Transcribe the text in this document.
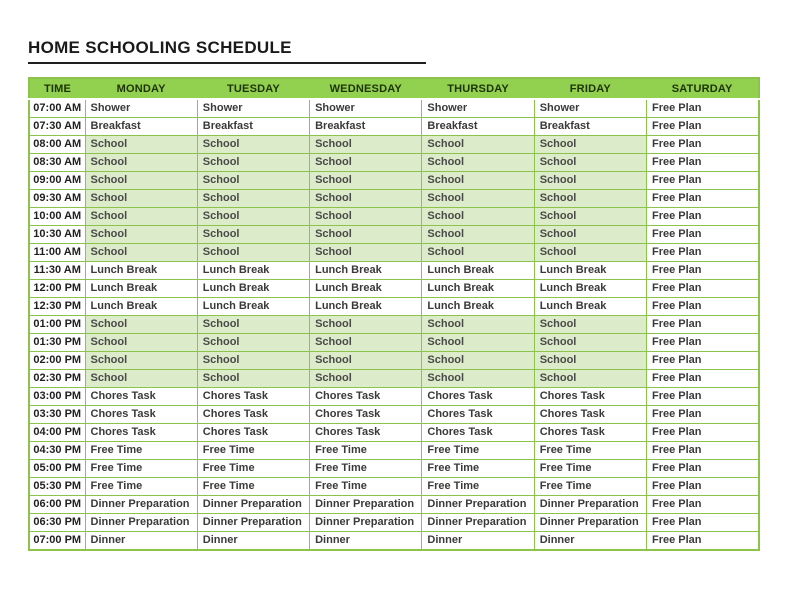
HOME SCHOOLING SCHEDULE
TIME	MONDAY	TUESDAY	WEDNESDAY	THURSDAY	FRIDAY	SATURDAY
07:00 AM	Shower	Shower	Shower	Shower	Shower	Free Plan
07:30 AM	Breakfast	Breakfast	Breakfast	Breakfast	Breakfast	Free Plan
08:00 AM	School	School	School	School	School	Free Plan
08:30 AM	School	School	School	School	School	Free Plan
09:00 AM	School	School	School	School	School	Free Plan
09:30 AM	School	School	School	School	School	Free Plan
10:00 AM	School	School	School	School	School	Free Plan
10:30 AM	School	School	School	School	School	Free Plan
11:00 AM	School	School	School	School	School	Free Plan
11:30 AM	Lunch Break	Lunch Break	Lunch Break	Lunch Break	Lunch Break	Free Plan
12:00 PM	Lunch Break	Lunch Break	Lunch Break	Lunch Break	Lunch Break	Free Plan
12:30 PM	Lunch Break	Lunch Break	Lunch Break	Lunch Break	Lunch Break	Free Plan
01:00 PM	School	School	School	School	School	Free Plan
01:30 PM	School	School	School	School	School	Free Plan
02:00 PM	School	School	School	School	School	Free Plan
02:30 PM	School	School	School	School	School	Free Plan
03:00 PM	Chores Task	Chores Task	Chores Task	Chores Task	Chores Task	Free Plan
03:30 PM	Chores Task	Chores Task	Chores Task	Chores Task	Chores Task	Free Plan
04:00 PM	Chores Task	Chores Task	Chores Task	Chores Task	Chores Task	Free Plan
04:30 PM	Free Time	Free Time	Free Time	Free Time	Free Time	Free Plan
05:00 PM	Free Time	Free Time	Free Time	Free Time	Free Time	Free Plan
05:30 PM	Free Time	Free Time	Free Time	Free Time	Free Time	Free Plan
06:00 PM	Dinner Preparation	Dinner Preparation	Dinner Preparation	Dinner Preparation	Dinner Preparation	Free Plan
06:30 PM	Dinner Preparation	Dinner Preparation	Dinner Preparation	Dinner Preparation	Dinner Preparation	Free Plan
07:00 PM	Dinner	Dinner	Dinner	Dinner	Dinner	Free Plan
